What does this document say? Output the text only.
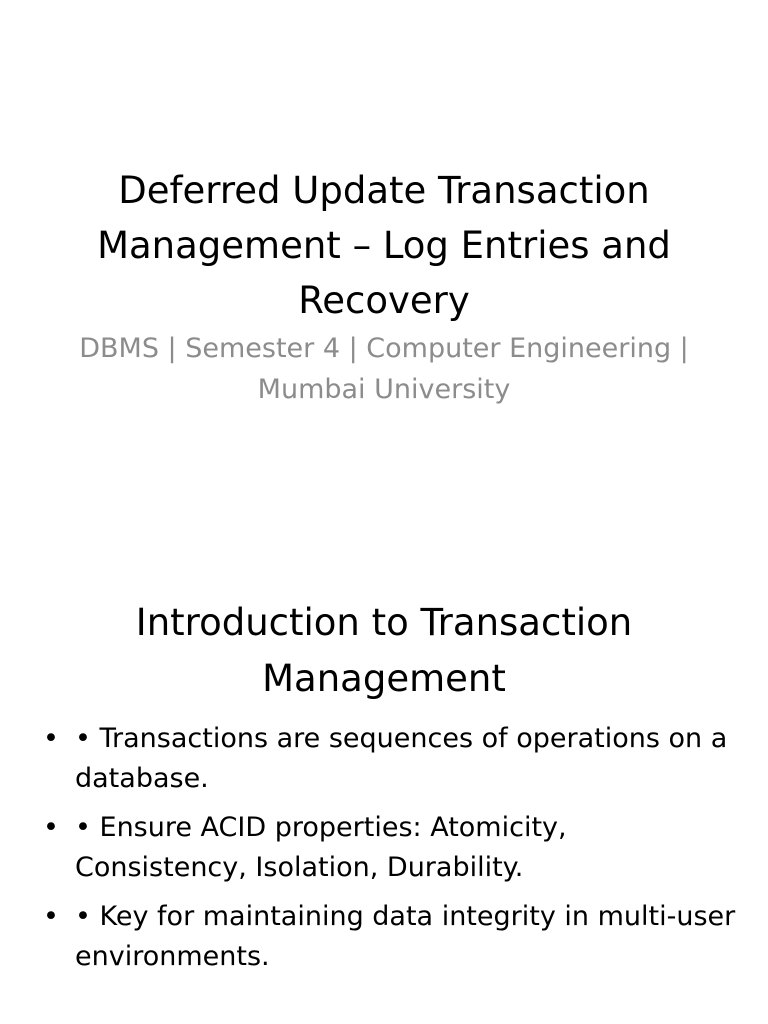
Deferred Update Transaction Management – Log Entries and Recovery

DBMS | Semester 4 | Computer Engineering | Mumbai University

Introduction to Transaction Management
• • Transactions are sequences of operations on a database.
• • Ensure ACID properties: Atomicity, Consistency, Isolation, Durability.
• • Key for maintaining data integrity in multi-user environments.
